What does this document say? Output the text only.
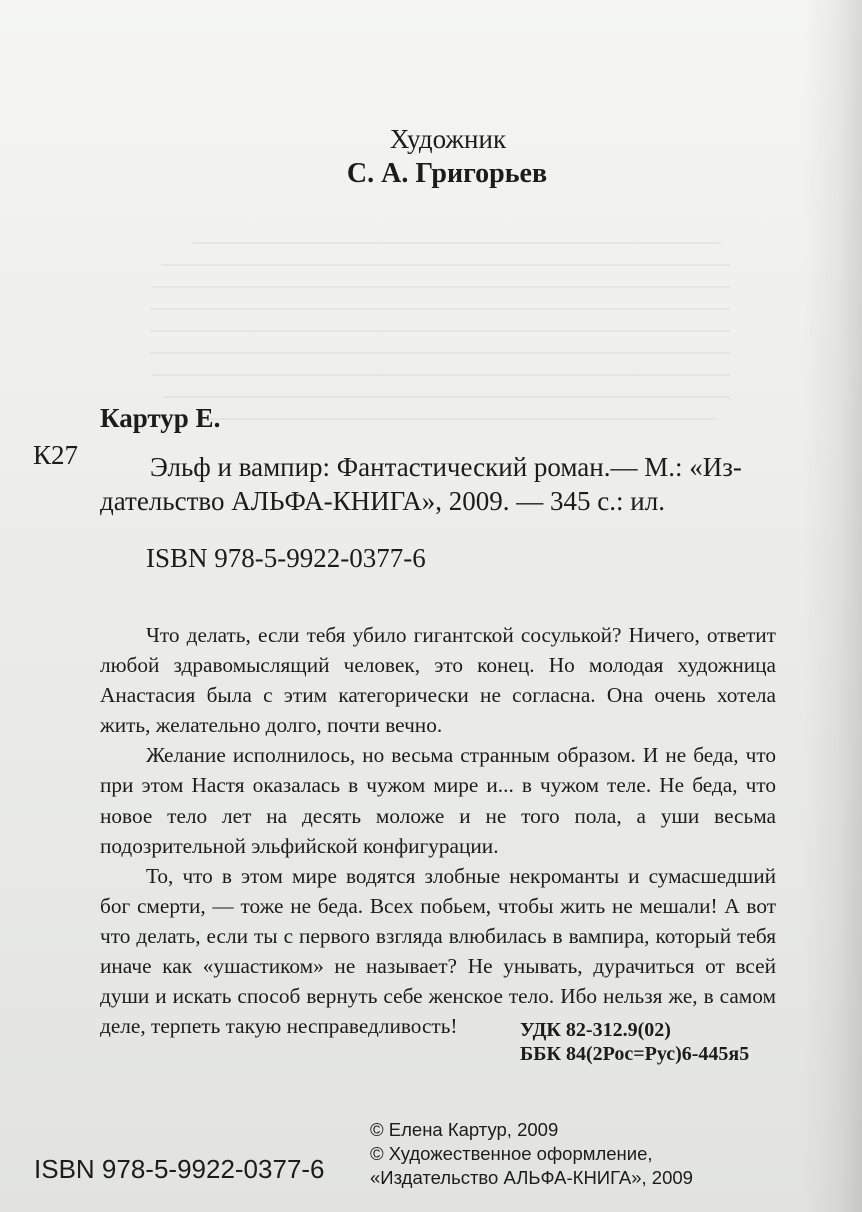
Художник
С. А. Григорьев
Картур Е.
К27	Эльф и вампир: Фантастический роман.— М.: «Из-
дательство АЛЬФА-КНИГА», 2009. — 345 с.: ил.
ISBN 978-5-9922-0377-6

Что делать, если тебя убило гигантской сосулькой? Ничего, ответит любой здравомыслящий человек, это конец. Но молодая художница Анастасия была с этим категорически не согласна. Она очень хотела жить, желательно долго, почти вечно.

Желание исполнилось, но весьма странным образом. И не беда, что при этом Настя оказалась в чужом мире и... в чужом теле. Не беда, что новое тело лет на десять моложе и не того пола, а уши весьма подозрительной эльфийской конфигурации.

То, что в этом мире водятся злобные некроманты и сумасшедший бог смерти, — тоже не беда. Всех побьем, чтобы жить не мешали! А вот что делать, если ты с первого взгляда влюбилась в вампира, который тебя иначе как «ушастиком» не называет? Не унывать, дурачиться от всей души и искать способ вернуть себе женское тело. Ибо нельзя же, в самом деле, терпеть такую несправедливость!	УДК 82-312.9(02)
ББК 84(2Рос=Рус)6-445я5
ISBN 978-5-9922-0377-6
© Елена Картур, 2009
© Художественное оформление,
«Издательство АЛЬФА-КНИГА», 2009
